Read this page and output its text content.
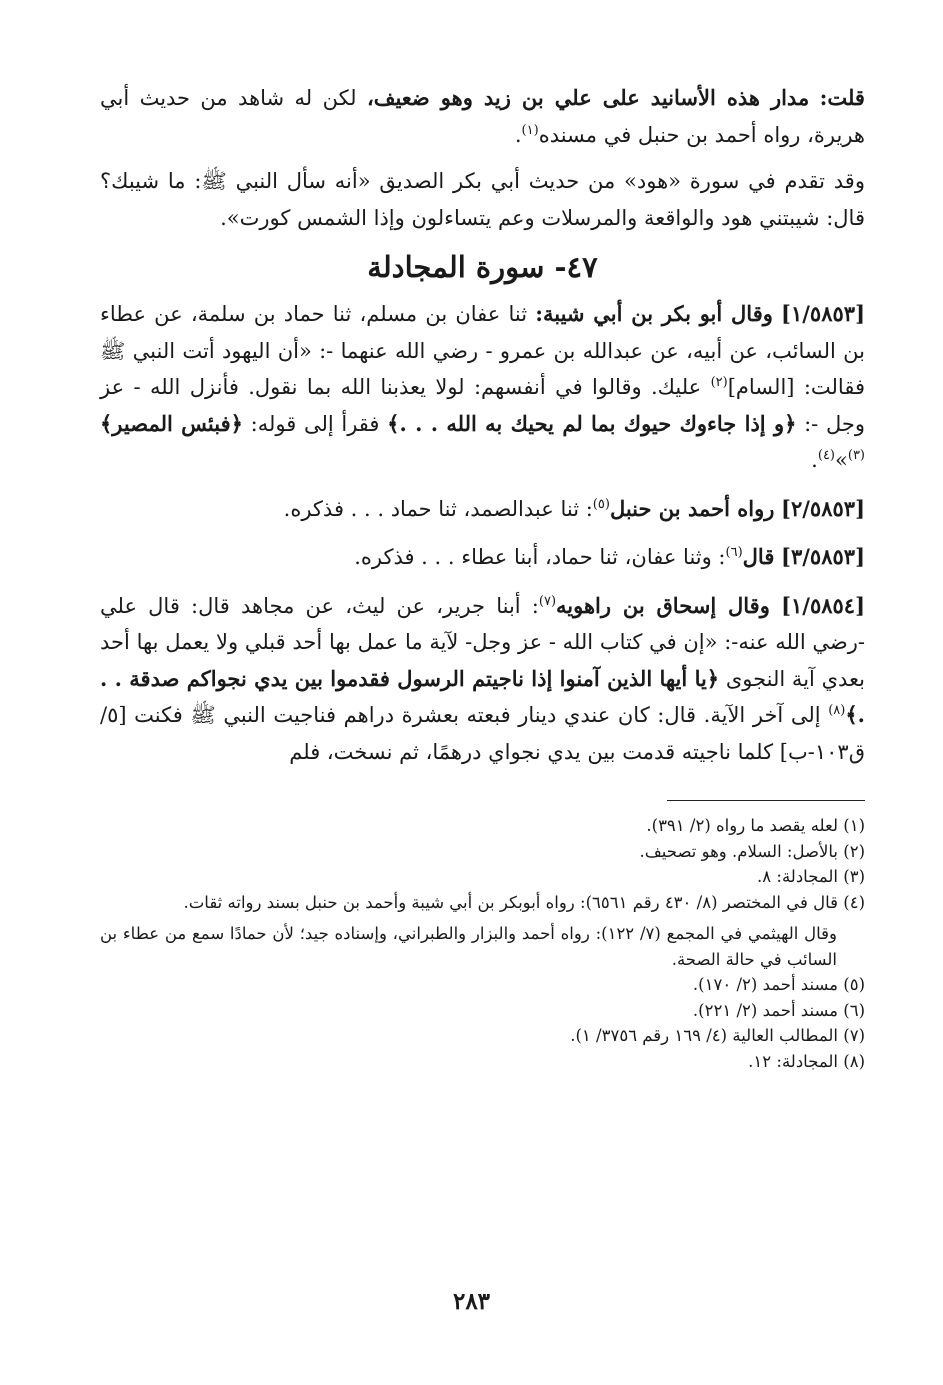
قلت: مدار هذه الأسانيد على علي بن زيد وهو ضعيف، لكن له شاهد من حديث أبي هريرة، رواه أحمد بن حنبل في مسنده$^{(١)}$.

وقد تقدم في سورة «هود» من حديث أبي بكر الصديق «أنه سأل النبي ﷺ: ما شيبك؟ قال: شيبتني هود والواقعة والمرسلات وعم يتساءلون وإذا الشمس كورت».

٤٧- سورة المجادلة

[١/٥٨٥٣] وقال أبو بكر بن أبي شيبة: ثنا عفان بن مسلم، ثنا حماد بن سلمة، عن عطاء بن السائب، عن أبيه، عن عبدالله بن عمرو - رضي الله عنهما -: «أن اليهود أتت النبي ﷺ فقالت: [السام]$^{(٢)}$ عليك. وقالوا في أنفسهم: لولا يعذبنا الله بما نقول. فأنزل الله - عز وجل -: ﴿و إذا جاءوك حيوك بما لم يحيك به الله . . .﴾ فقرأ إلى قوله: ﴿فبئس المصير﴾$^{(٣)}$»$^{(٤)}$.

[٢/٥٨٥٣] رواه أحمد بن حنبل$^{(٥)}$: ثنا عبدالصمد، ثنا حماد . . . فذكره.

[٣/٥٨٥٣] قال$^{(٦)}$: وثنا عفان، ثنا حماد، أبنا عطاء . . . فذكره.

[١/٥٨٥٤] وقال إسحاق بن راهويه$^{(٧)}$: أبنا جرير، عن ليث، عن مجاهد قال: قال علي -رضي الله عنه-: «إن في كتاب الله - عز وجل- لآية ما عمل بها أحد قبلي ولا يعمل بها أحد بعدي آية النجوى ﴿يا أيها الذين آمنوا إذا ناجيتم الرسول فقدموا بين يدي نجواكم صدقة . . .﴾$^{(٨)}$ إلى آخر الآية. قال: كان عندي دينار فبعته بعشرة دراهم فناجيت النبي ﷺ فكنت [٥/ق١٠٣-ب] كلما ناجيته قدمت بين يدي نجواي درهمًا، ثم نسخت، فلم

(١) لعله يقصد ما رواه (٢/ ٣٩١).

(٢) بالأصل: السلام. وهو تصحيف.

(٣) المجادلة: ٨.

(٤) قال في المختصر (٨/ ٤٣٠ رقم ٦٥٦١): رواه أبوبكر بن أبي شيبة وأحمد بن حنبل بسند رواته ثقات.

وقال الهيثمي في المجمع (٧/ ١٢٢): رواه أحمد والبزار والطبراني، وإسناده جيد؛ لأن حمادًا سمع من عطاء بن السائب في حالة الصحة.

(٥) مسند أحمد (٢/ ١٧٠).

(٦) مسند أحمد (٢/ ٢٢١).

(٧) المطالب العالية (٤/ ١٦٩ رقم ٣٧٥٦/ ١).

(٨) المجادلة: ١٢.

٢٨٣
